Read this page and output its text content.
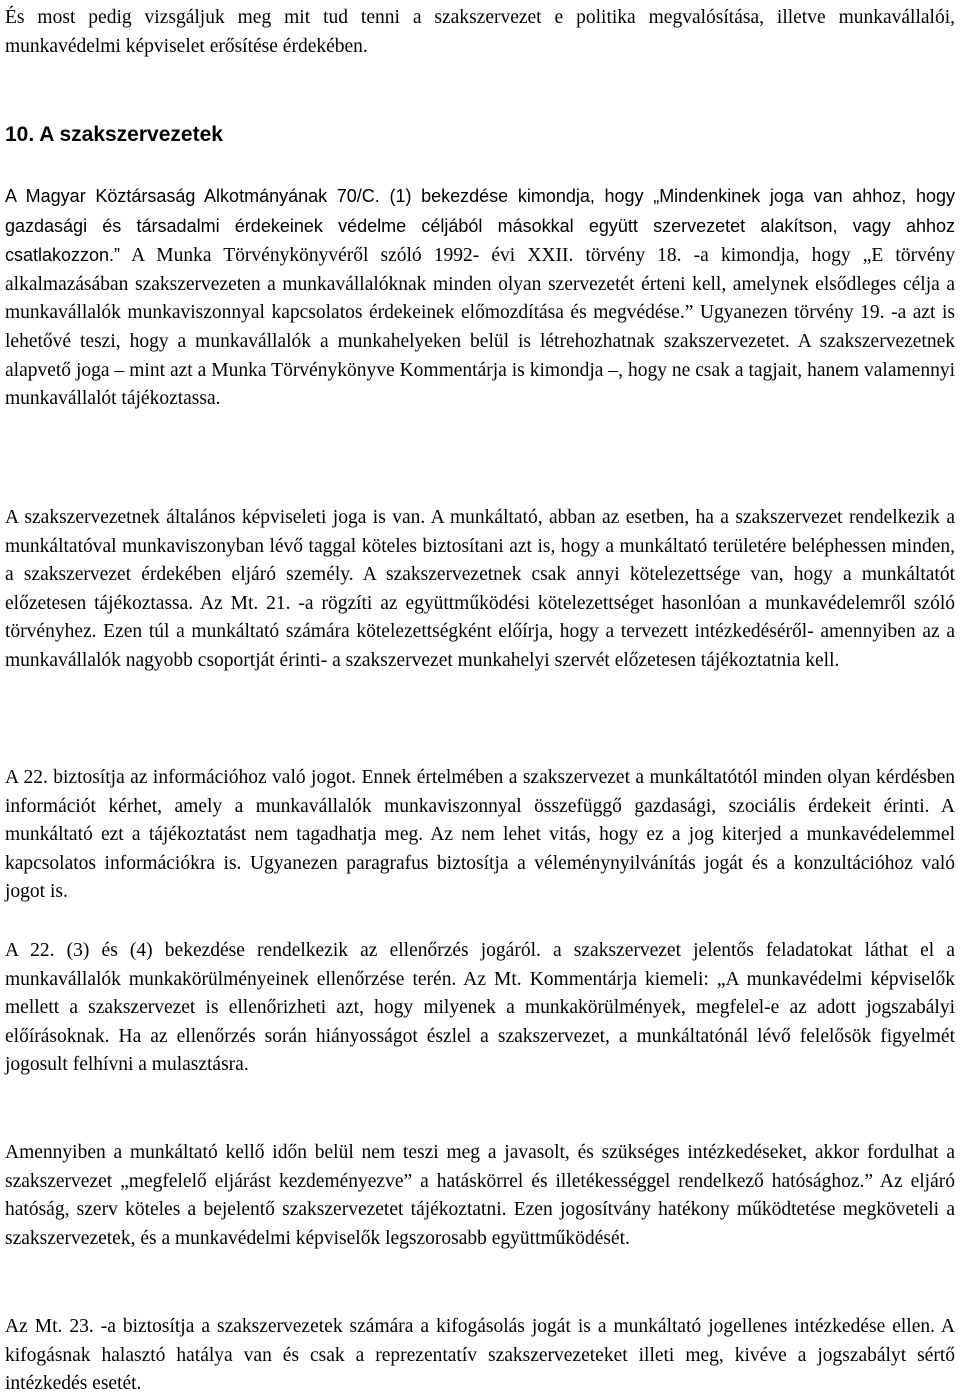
És most pedig vizsgáljuk meg mit tud tenni a szakszervezet e politika megvalósítása, illetve munkavállalói, munkavédelmi képviselet erősítése érdekében.

10. A szakszervezetek

A Magyar Köztársaság Alkotmányának 70/C. (1) bekezdése kimondja, hogy „Mindenkinek joga van ahhoz, hogy gazdasági és társadalmi érdekeinek védelme céljából másokkal együtt szervezetet alakítson, vagy ahhoz csatlakozzon.” A Munka Törvénykönyvéről szóló 1992- évi XXII. törvény 18. -a kimondja, hogy „E törvény alkalmazásában szakszervezeten a munkavállalóknak minden olyan szervezetét érteni kell, amelynek elsődleges célja a munkavállalók munkaviszonnyal kapcsolatos érdekeinek előmozdítása és megvédése.” Ugyanezen törvény 19. -a azt is lehetővé teszi, hogy a munkavállalók a munkahelyeken belül is létrehozhatnak szakszervezetet. A szakszervezetnek alapvető joga – mint azt a Munka Törvénykönyve Kommentárja is kimondja –, hogy ne csak a tagjait, hanem valamennyi munkavállalót tájékoztassa.

A szakszervezetnek általános képviseleti joga is van. A munkáltató, abban az esetben, ha a szakszervezet rendelkezik a munkáltatóval munkaviszonyban lévő taggal köteles biztosítani azt is, hogy a munkáltató területére beléphessen minden, a szakszervezet érdekében eljáró személy. A szakszervezetnek csak annyi kötelezettsége van, hogy a munkáltatót előzetesen tájékoztassa. Az Mt. 21. -a rögzíti az együttműködési kötelezettséget hasonlóan a munkavédelemről szóló törvényhez. Ezen túl a munkáltató számára kötelezettségként előírja, hogy a tervezett intézkedéséről- amennyiben az a munkavállalók nagyobb csoportját érinti- a szakszervezet munkahelyi szervét előzetesen tájékoztatnia kell.

A 22. biztosítja az információhoz való jogot. Ennek értelmében a szakszervezet a munkáltatótól minden olyan kérdésben információt kérhet, amely a munkavállalók munkaviszonnyal összefüggő gazdasági, szociális érdekeit érinti. A munkáltató ezt a tájékoztatást nem tagadhatja meg. Az nem lehet vitás, hogy ez a jog kiterjed a munkavédelemmel kapcsolatos információkra is. Ugyanezen paragrafus biztosítja a véleménynyilvánítás jogát és a konzultációhoz való jogot is.

A 22. (3) és (4) bekezdése rendelkezik az ellenőrzés jogáról. a szakszervezet jelentős feladatokat láthat el a munkavállalók munkakörülményeinek ellenőrzése terén. Az Mt. Kommentárja kiemeli: „A munkavédelmi képviselők mellett a szakszervezet is ellenőrizheti azt, hogy milyenek a munkakörülmények, megfelel-e az adott jogszabályi előírásoknak. Ha az ellenőrzés során hiányosságot észlel a szakszervezet, a munkáltatónál lévő felelősök figyelmét jogosult felhívni a mulasztásra.

Amennyiben a munkáltató kellő időn belül nem teszi meg a javasolt, és szükséges intézkedéseket, akkor fordulhat a szakszervezet „megfelelő eljárást kezdeményezve” a hatáskörrel és illetékességgel rendelkező hatósághoz.” Az eljáró hatóság, szerv köteles a bejelentő szakszervezetet tájékoztatni. Ezen jogosítvány hatékony működtetése megköveteli a szakszervezetek, és a munkavédelmi képviselők legszorosabb együttműködését.

Az Mt. 23. -a biztosítja a szakszervezetek számára a kifogásolás jogát is a munkáltató jogellenes intézkedése ellen. A kifogásnak halasztó hatálya van és csak a reprezentatív szakszervezeteket illeti meg, kivéve a jogszabályt sértő intézkedés esetét.
